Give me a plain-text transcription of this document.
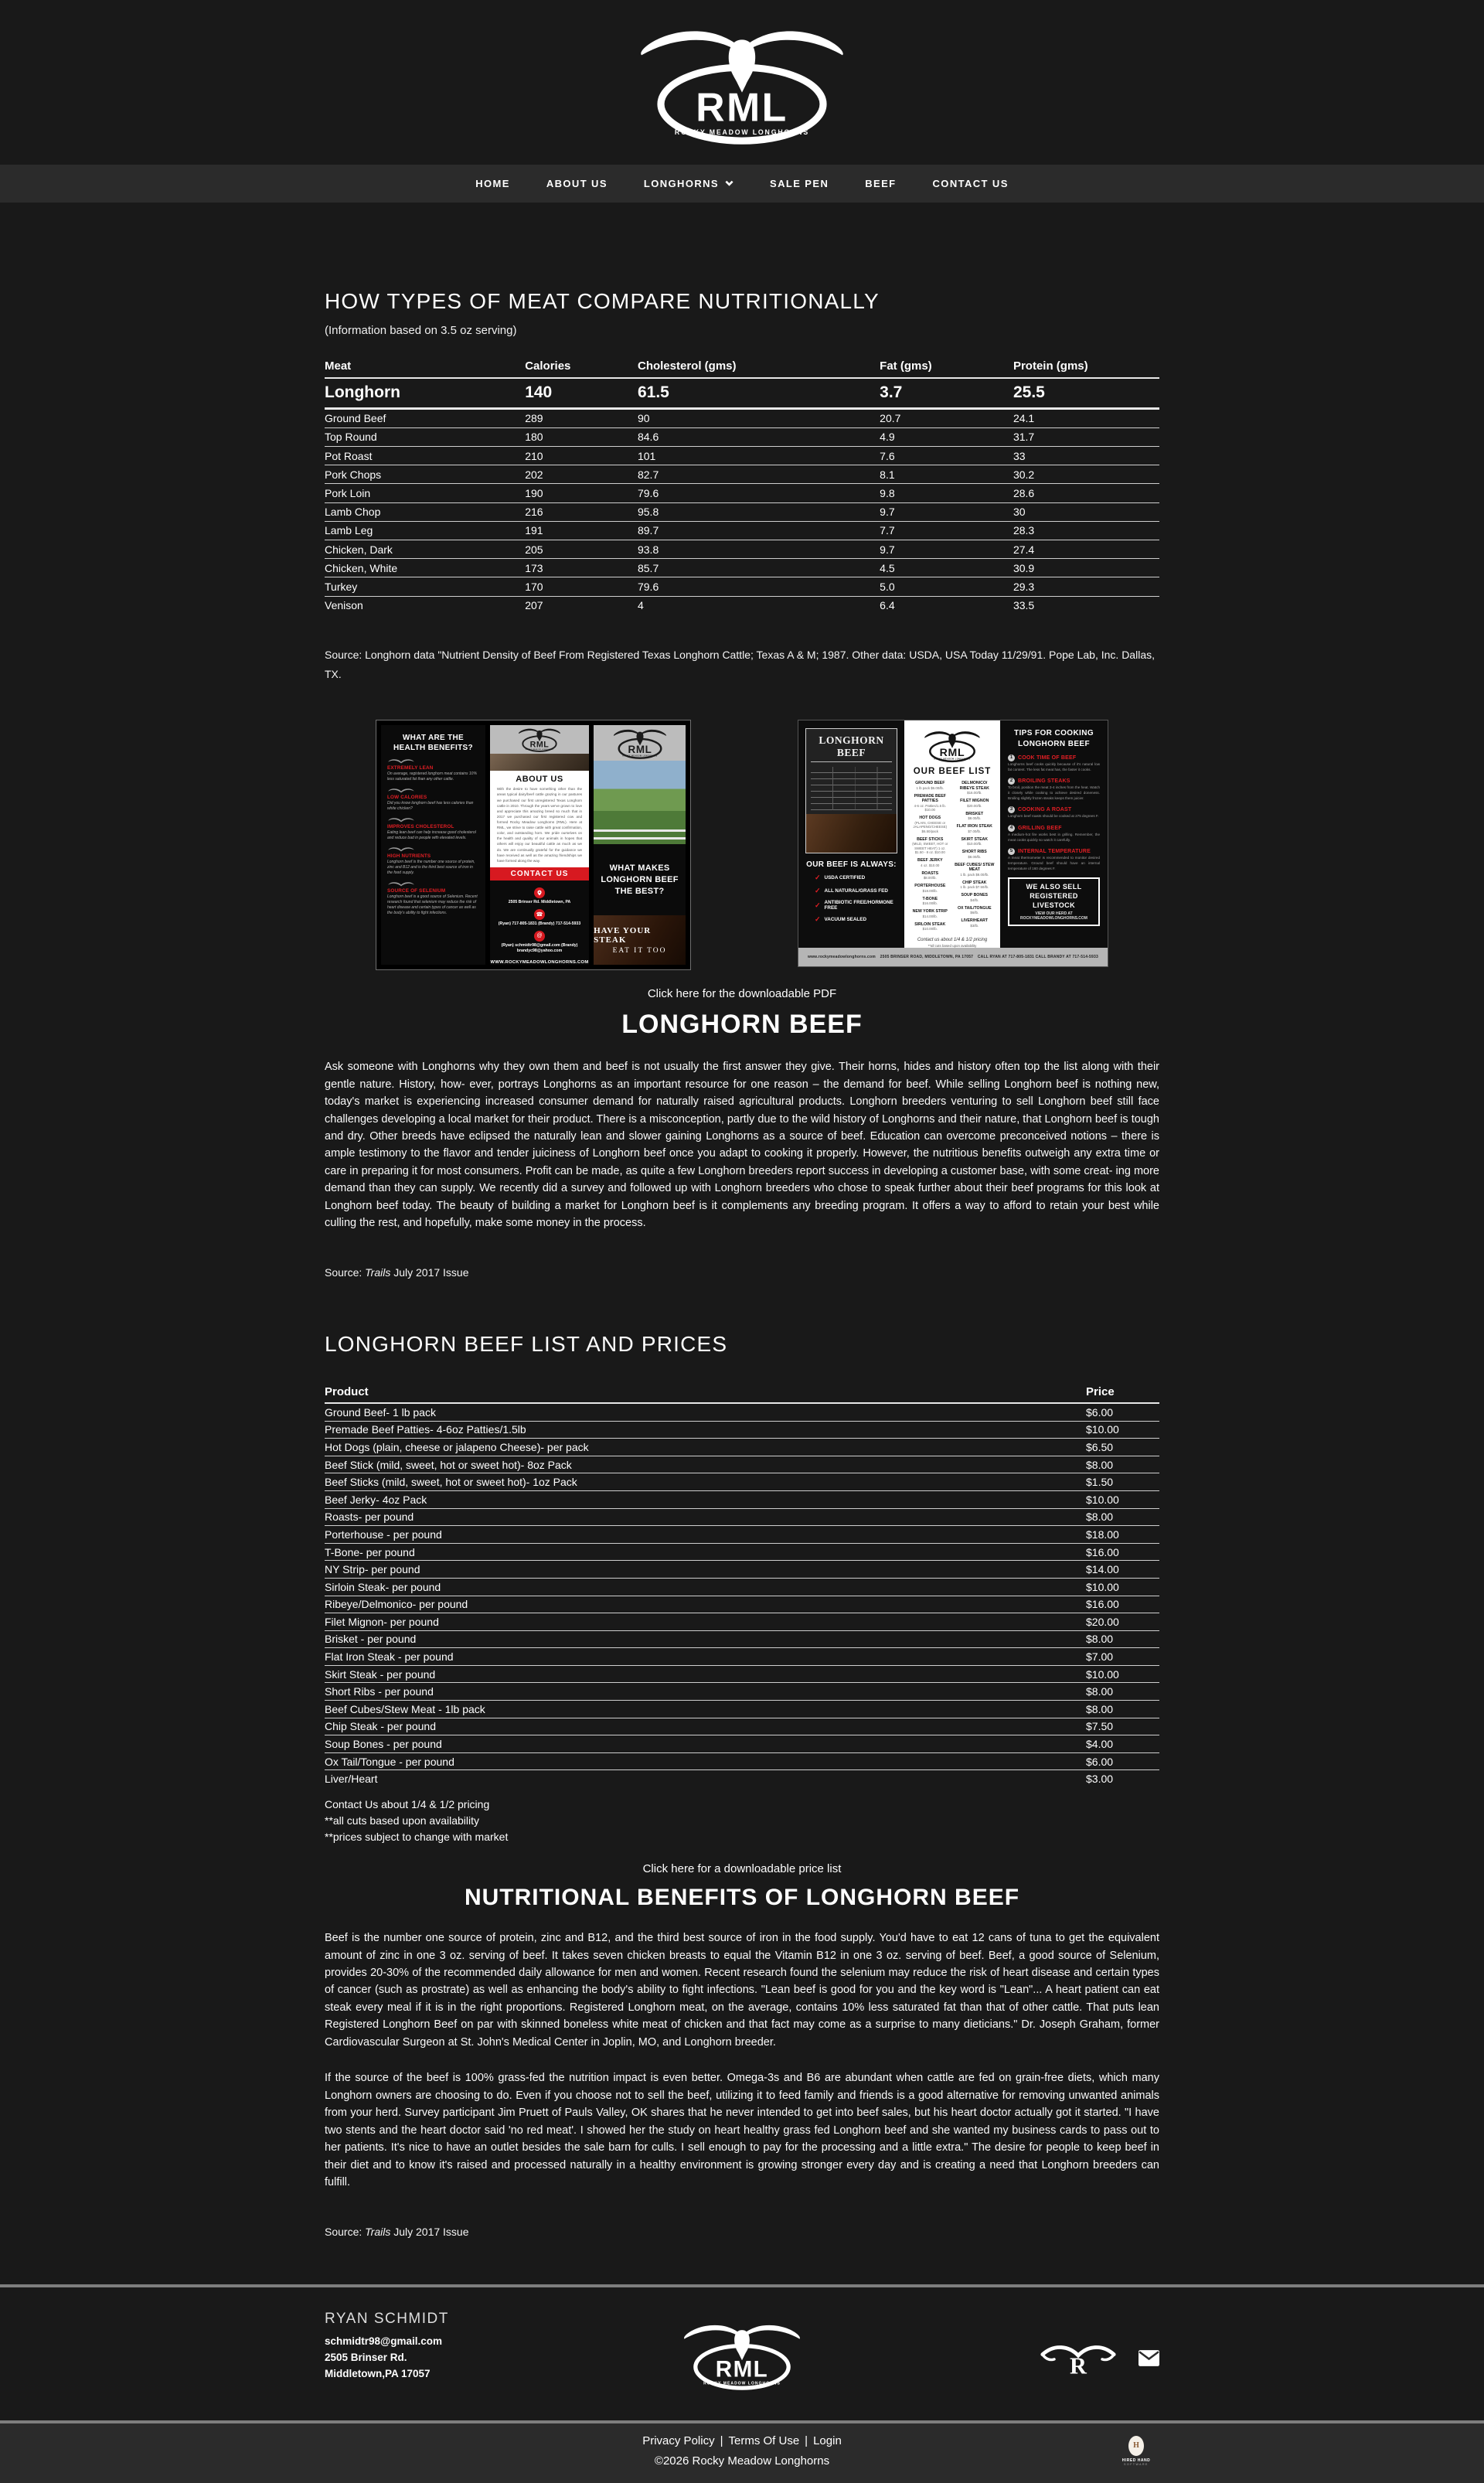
RML
ROCKY MEADOW LONGHORNS
HOME	ABOUT US	LONGHORNS	SALE PEN	BEEF	CONTACT US
HOW TYPES OF MEAT COMPARE NUTRITIONALLY

(Information based on 3.5 oz serving)

Meat	Calories	Cholesterol (gms)	Fat (gms)	Protein (gms)
Longhorn	140	61.5	3.7	25.5
Ground Beef	289	90	20.7	24.1
Top Round	180	84.6	4.9	31.7
Pot Roast	210	101	7.6	33
Pork Chops	202	82.7	8.1	30.2
Pork Loin	190	79.6	9.8	28.6
Lamb Chop	216	95.8	9.7	30
Lamb Leg	191	89.7	7.7	28.3
Chicken, Dark	205	93.8	9.7	27.4
Chicken, White	173	85.7	4.5	30.9
Turkey	170	79.6	5.0	29.3
Venison	207	4	6.4	33.5

Source: Longhorn data "Nutrient Density of Beef From Registered Texas Longhorn Cattle; Texas A & M; 1987. Other data: USDA, USA Today 11/29/91. Pope Lab, Inc. Dallas, TX.

WHAT ARE THE HEALTH BENEFITS?
EXTREMELY LEAN
On average, registered longhorn meat contains 10% less saturated fat than any other cattle.
LOW CALORIES
Did you know longhorn beef has less calories than white chicken?
IMPROVES CHOLESTEROL
Eating lean beef can help increase good cholesterol and reduce bad in people with elevated levels.
HIGH NUTRIENTS
Longhorn beef is the number one source of protein, zinc and B12 and is the third best source of iron in the food supply.
SOURCE OF SELENIUM
Longhorn beef is a good source of Selenium. Recent research found that selenium may reduce the risk of heart disease and certain types of cancer as well as the body's ability to fight infections.
RML
ROCKY MEADOW LONGHORNS
ABOUT US
With the desire to have something other than the areas typical dairy/beef cattle grazing in our pastures we purchased our first unregistered Texas Longhorn cattle in 2010. Through the years we've grown to love and appreciate this amazing breed so much that in 2017 we purchased our first registered cow and formed Rocky Meadow Longhorns (RML). Here at RML, we strive to raise cattle with great confirmation, color, and outstanding horn. We pride ourselves on the health and quality of our animals in hopes that others will enjoy our beautiful cattle as much as we do. We are continually grateful for the guidance we have received as well as the amazing friendships we have formed along the way.
CONTACT US
2505 Brinser Rd. Middletown, PA
☎
(Ryan) 717-805-1831 (Brandy) 717-514-5933
@
(Ryan) schmidtr98@gmail.com (Brandy) brandyc98@yahoo.com
WWW.ROCKYMEADOWLONGHORNS.COM
RML
ROCKY MEADOW LONGHORNS
WHAT MAKES LONGHORN BEEF THE BEST?
HAVE YOUR STEAK
EAT IT TOO
LONGHORN BEEF
OUR BEEF IS ALWAYS:
✓ USDA CERTIFIED
✓ ALL NATURAL/GRASS FED
✓ ANTIBIOTIC FREE/HORMONE FREE
✓ VACUUM SEALED
RML
ROCKY MEADOW LONGHORNS
OUR BEEF LIST
GROUND BEEF
1 lb pack $6.00/lb.
PREMADE BEEF PATTIES
4-6 oz. Patties/1.5 lb. $10.00
HOT DOGS
(PLAIN, CHEESE or JALAPENO/CHEESE) $6.50/pack
BEEF STICKS
(MILD, SWEET, HOT or SWEET HEAT) 1 oz. $1.50 - 8 oz. $10.00
BEEF JERKY
4 oz. $10.00
ROASTS
$8.00/lb.
PORTERHOUSE
$18.00/lb.
T-BONE
$16.00/lb.
NEW YORK STRIP
$14.00/lb.
SIRLOIN STEAK
$10.00/lb.
DELMONICO/ RIBEYE STEAK
$16.00/lb.
FILET MIGNON
$20.00/lb.
BRISKET
$8.00/lb.
FLAT IRON STEAK
$7.00/lb.
SKIRT STEAK
$10.00/lb.
SHORT RIBS
$8.00/lb.
BEEF CUBES/ STEW MEAT
1 lb. pack $8.00/lb.
CHIP STEAK
1 lb. pack $7.50/lb.
SOUP BONES
$4/lb.
OX TAIL/TONGUE
$6/lb.
LIVER/HEART
$3/lb.
Contact us about 1/4 & 1/2 pricing
**all cuts based upon availability
TIPS FOR COOKING LONGHORN BEEF
1 COOK TIME OF BEEF
Longhorns beef cooks quickly because of it's natural low fat content. The less fat meat has, the faster it cooks.
2 BROILING STEAKS
To broil, position the meat 3-4 inches from the heat. Watch it closely while cooking to achieve desired doneness. Broiling slightly frozen steaks keeps them juicier.
3 COOKING A ROAST
Longhorn beef roasts should be cooked at 275 degrees F.
4 GRILLING BEEF
A medium-hot fire works best in grilling. Remember, the meat cooks quickly so watch it carefully.
5 INTERNAL TEMPERATURE
A meat thermometer is recommended to monitor desired temperature. Ground beef should have an internal temperature of 160 degrees F.
WE ALSO SELL REGISTERED LIVESTOCK
VIEW OUR HERD AT ROCKYMEADOWLONGHORNS.COM
www.rockymeadowlonghorns.com 2505 BRINSER ROAD, MIDDLETOWN, PA 17057 CALL RYAN AT 717-805-1831 CALL BRANDY AT 717-514-5933

Click here for the downloadable PDF

LONGHORN BEEF

Ask someone with Longhorns why they own them and beef is not usually the first answer they give. Their horns, hides and history often top the list along with their gentle nature. History, how- ever, portrays Longhorns as an important resource for one reason – the demand for beef. While selling Longhorn beef is nothing new, today's market is experiencing increased consumer demand for naturally raised agricultural products. Longhorn breeders venturing to sell Longhorn beef still face challenges developing a local market for their product. There is a misconception, partly due to the wild history of Longhorns and their nature, that Longhorn beef is tough and dry. Other breeds have eclipsed the naturally lean and slower gaining Longhorns as a source of beef. Education can overcome preconceived notions – there is ample testimony to the flavor and tender juiciness of Longhorn beef once you adapt to cooking it properly. However, the nutritious benefits outweigh any extra time or care in preparing it for most consumers. Profit can be made, as quite a few Longhorn breeders report success in developing a customer base, with some creat- ing more demand than they can supply. We recently did a survey and followed up with Longhorn breeders who chose to speak further about their beef programs for this look at Longhorn beef today. The beauty of building a market for Longhorn beef is it complements any breeding program. It offers a way to afford to retain your best while culling the rest, and hopefully, make some money in the process.

Source: Trails July 2017 Issue

LONGHORN BEEF LIST AND PRICES
Product	Price
Ground Beef- 1 lb pack	$6.00
Premade Beef Patties- 4-6oz Patties/1.5lb	$10.00
Hot Dogs (plain, cheese or jalapeno Cheese)- per pack	$6.50
Beef Stick (mild, sweet, hot or sweet hot)- 8oz Pack	$8.00
Beef Sticks (mild, sweet, hot or sweet hot)- 1oz Pack	$1.50
Beef Jerky- 4oz Pack	$10.00
Roasts- per pound	$8.00
Porterhouse - per pound	$18.00
T-Bone- per pound	$16.00
NY Strip- per pound	$14.00
Sirloin Steak- per pound	$10.00
Ribeye/Delmonico- per pound	$16.00
Filet Mignon- per pound	$20.00
Brisket - per pound	$8.00
Flat Iron Steak - per pound	$7.00
Skirt Steak - per pound	$10.00
Short Ribs - per pound	$8.00
Beef Cubes/Stew Meat - 1lb pack	$8.00
Chip Steak - per pound	$7.50
Soup Bones - per pound	$4.00
Ox Tail/Tongue - per pound	$6.00
Liver/Heart	$3.00
Contact Us about 1/4 & 1/2 pricing
**all cuts based upon availability
**prices subject to change with market

Click here for a downloadable price list

NUTRITIONAL BENEFITS OF LONGHORN BEEF

Beef is the number one source of protein, zinc and B12, and the third best source of iron in the food supply. You'd have to eat 12 cans of tuna to get the equivalent amount of zinc in one 3 oz. serving of beef. It takes seven chicken breasts to equal the Vitamin B12 in one 3 oz. serving of beef. Beef, a good source of Selenium, provides 20-30% of the recommended daily allowance for men and women. Recent research found the selenium may reduce the risk of heart disease and certain types of cancer (such as prostrate) as well as enhancing the body's ability to fight infections. "Lean beef is good for you and the key word is "Lean"... A heart patient can eat steak every meal if it is in the right proportions. Registered Longhorn meat, on the average, contains 10% less saturated fat than that of other cattle. That puts lean Registered Longhorn Beef on par with skinned boneless white meat of chicken and that fact may come as a surprise to many dieticians." Dr. Joseph Graham, former Cardiovascular Surgeon at St. John's Medical Center in Joplin, MO, and Longhorn breeder.

If the source of the beef is 100% grass-fed the nutrition impact is even better. Omega-3s and B6 are abundant when cattle are fed on grain-free diets, which many Longhorn owners are choosing to do. Even if you choose not to sell the beef, utilizing it to feed family and friends is a good alternative for removing unwanted animals from your herd. Survey participant Jim Pruett of Pauls Valley, OK shares that he never intended to get into beef sales, but his heart doctor actually got it started. "I have two stents and the heart doctor said 'no red meat'. I showed her the study on heart healthy grass fed Longhorn beef and she wanted my business cards to pass out to her patients. It's nice to have an outlet besides the sale barn for culls. I sell enough to pay for the processing and a little extra." The desire for people to keep beef in their diet and to know it's raised and processed naturally in a healthy environment is growing stronger every day and is creating a need that Longhorn breeders can fulfill.

Source: Trails July 2017 Issue

RYAN SCHMIDT
schmidtr98@gmail.com
2505 Brinser Rd.
Middletown,PA 17057	RML
ROCKY MEADOW LONGHORNS
R
Privacy Policy | Terms Of Use | Login
©2026 Rocky Meadow Longhorns
H
HIRED HAND
SOFTWARE
